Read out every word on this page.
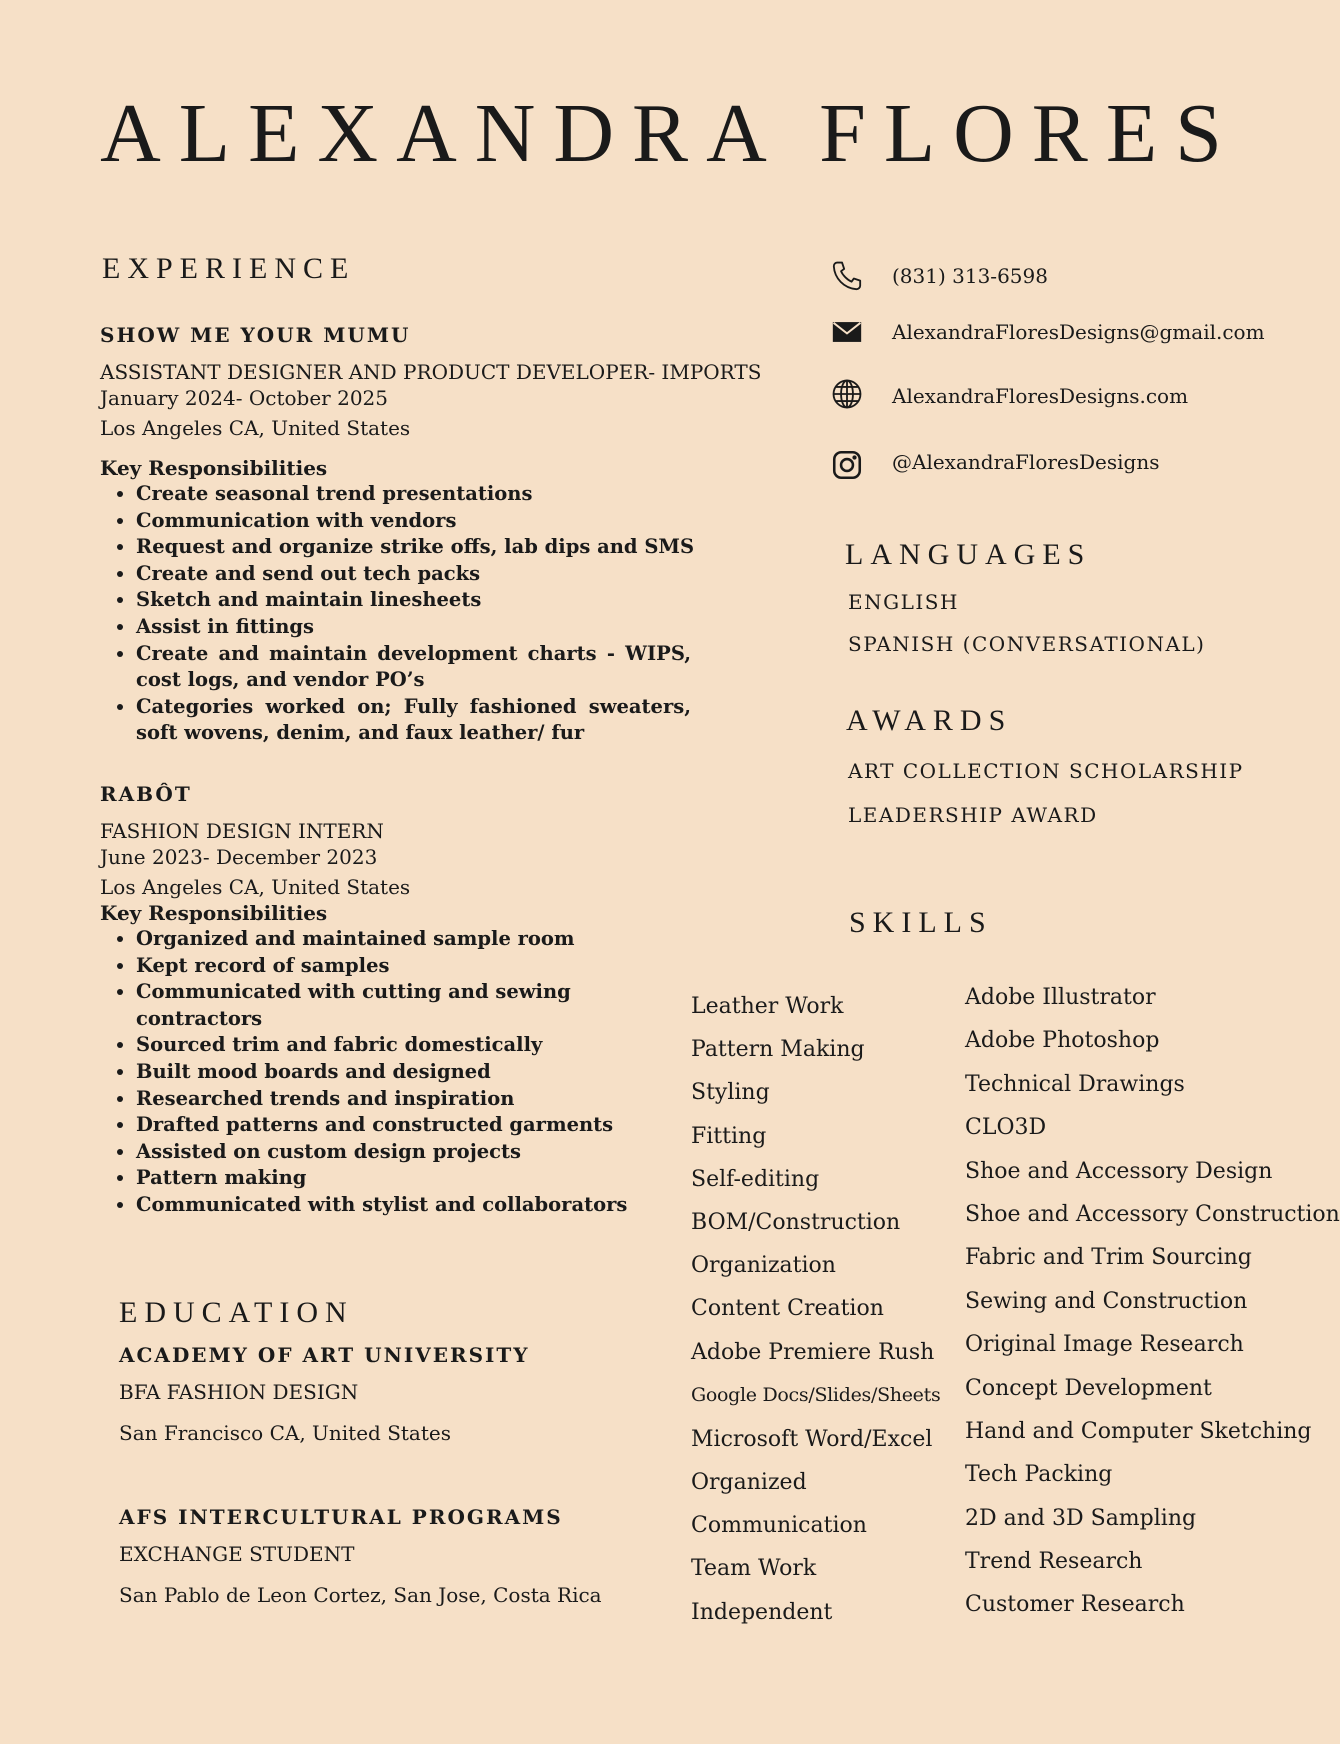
ALEXANDRA FLORES
EXPERIENCE
SHOW ME YOUR MUMU
ASSISTANT DESIGNER AND PRODUCT DEVELOPER- IMPORTS
January 2024- October 2025
Los Angeles CA, United States
Key Responsibilities
• Create seasonal trend presentations
• Communication with vendors
• Request and organize strike offs, lab dips and SMS
• Create and send out tech packs
• Sketch and maintain linesheets
• Assist in fittings
• Create and maintain development charts - WIPS, cost logs, and vendor PO’s
• Categories worked on; Fully fashioned sweaters, soft wovens, denim, and faux leather/ fur
RABÔT
FASHION DESIGN INTERN
June 2023- December 2023
Los Angeles CA, United States
Key Responsibilities
• Organized and maintained sample room
• Kept record of samples
• Communicated with cutting and sewing contractors
• Sourced trim and fabric domestically
• Built mood boards and designed
• Researched trends and inspiration
• Drafted patterns and constructed garments
• Assisted on custom design projects
• Pattern making
• Communicated with stylist and collaborators
EDUCATION
ACADEMY OF ART UNIVERSITY
BFA FASHION DESIGN
San Francisco CA, United States
AFS INTERCULTURAL PROGRAMS
EXCHANGE STUDENT
San Pablo de Leon Cortez, San Jose, Costa Rica
(831) 313-6598
AlexandraFloresDesigns@gmail.com
AlexandraFloresDesigns.com
@AlexandraFloresDesigns
LANGUAGES
ENGLISH
SPANISH (CONVERSATIONAL)
AWARDS
ART COLLECTION SCHOLARSHIP
LEADERSHIP AWARD
SKILLS
Leather Work
Pattern Making
Styling
Fitting
Self-editing
BOM/Construction
Organization
Content Creation
Adobe Premiere Rush
Google Docs/Slides/Sheets
Microsoft Word/Excel
Organized
Communication
Team Work
Independent
Adobe Illustrator
Adobe Photoshop
Technical Drawings
CLO3D
Shoe and Accessory Design
Shoe and Accessory Construction
Fabric and Trim Sourcing
Sewing and Construction
Original Image Research
Concept Development
Hand and Computer Sketching
Tech Packing
2D and 3D Sampling
Trend Research
Customer Research
